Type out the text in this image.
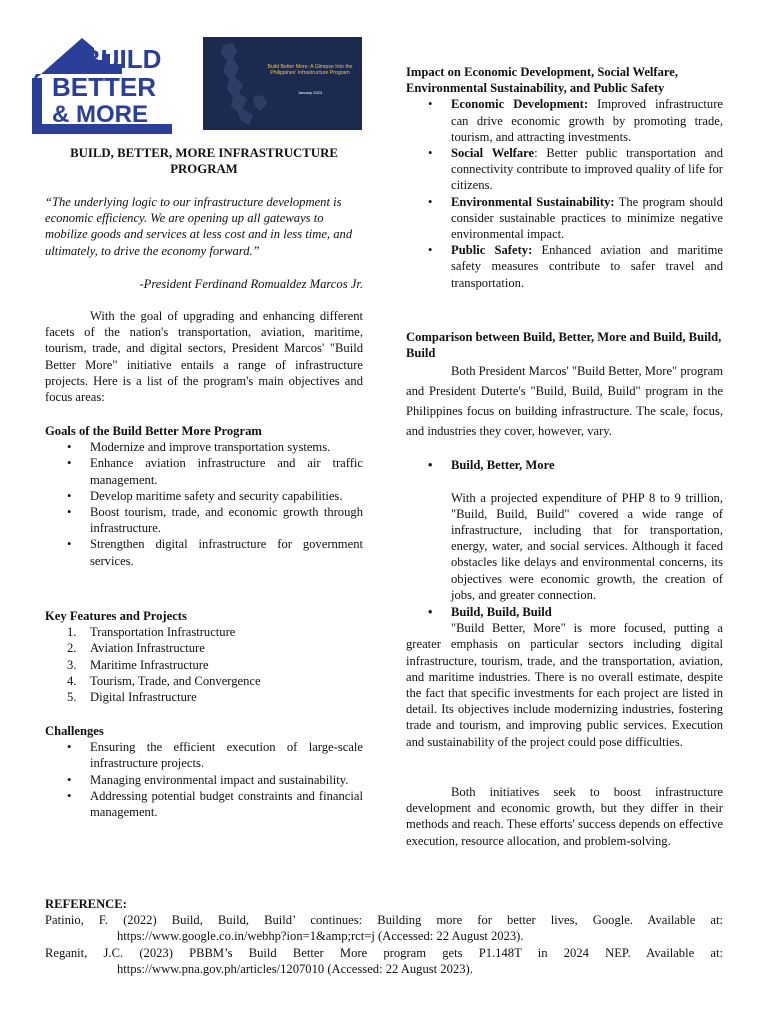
BUILD
BETTER
& MORE
Build Better More: A Glimpse Into the Philippines' Infrastructure Program
January 2023
BUILD, BETTER, MORE INFRASTRUCTURE
PROGRAM
“The underlying logic to our infrastructure development is economic efficiency. We are opening up all gateways to mobilize goods and services at less cost and in less time, and ultimately, to drive the economy forward.”
-President Ferdinand Romualdez Marcos Jr.

With the goal of upgrading and enhancing different facets of the nation's transportation, aviation, maritime, tourism, trade, and digital sectors, President Marcos' "Build Better More" initiative entails a range of infrastructure projects. Here is a list of the program's main objectives and focus areas:

Goals of the Build Better More Program
• Modernize and improve transportation systems.
• Enhance aviation infrastructure and air traffic management.
• Develop maritime safety and security capabilities.
• Boost tourism, trade, and economic growth through infrastructure.
• Strengthen digital infrastructure for government services.
Key Features and Projects
1. Transportation Infrastructure
2. Aviation Infrastructure
3. Maritime Infrastructure
4. Tourism, Trade, and Convergence
5. Digital Infrastructure
Challenges
• Ensuring the efficient execution of large-scale infrastructure projects.
• Managing environmental impact and sustainability.
• Addressing potential budget constraints and financial management.
Impact on Economic Development, Social Welfare, Environmental Sustainability, and Public Safety
• Economic Development: Improved infrastructure can drive economic growth by promoting trade, tourism, and attracting investments.
• Social Welfare: Better public transportation and connectivity contribute to improved quality of life for citizens.
• Environmental Sustainability: The program should consider sustainable practices to minimize negative environmental impact.
• Public Safety: Enhanced aviation and maritime safety measures contribute to safer travel and transportation.
Comparison between Build, Better, More and Build, Build, Build

Both President Marcos' "Build Better, More" program and President Duterte's "Build, Build, Build" program in the Philippines focus on building infrastructure. The scale, focus, and industries they cover, however, vary.

• Build, Better, More

With a projected expenditure of PHP 8 to 9 trillion, "Build, Build, Build" covered a wide range of infrastructure, including that for transportation, energy, water, and social services. Although it faced obstacles like delays and environmental concerns, its objectives were economic growth, the creation of jobs, and greater connection.

• Build, Build, Build

"Build Better, More" is more focused, putting a greater emphasis on particular sectors including digital infrastructure, tourism, trade, and the transportation, aviation, and maritime industries. There is no overall estimate, despite the fact that specific investments for each project are listed in detail. Its objectives include modernizing industries, fostering trade and tourism, and improving public services. Execution and sustainability of the project could pose difficulties.

Both initiatives seek to boost infrastructure development and economic growth, but they differ in their methods and reach. These efforts' success depends on effective execution, resource allocation, and problem-solving.

REFERENCE:

Patinio, F. (2022) Build, Build, Build’ continues: Building more for better lives, Google. Available at: https://www.google.co.in/webhp?ion=1&amp;rct=j (Accessed: 22 August 2023).

Reganit, J.C. (2023) PBBM’s Build Better More program gets P1.148T in 2024 NEP. Available at: https://www.pna.gov.ph/articles/1207010 (Accessed: 22 August 2023).
